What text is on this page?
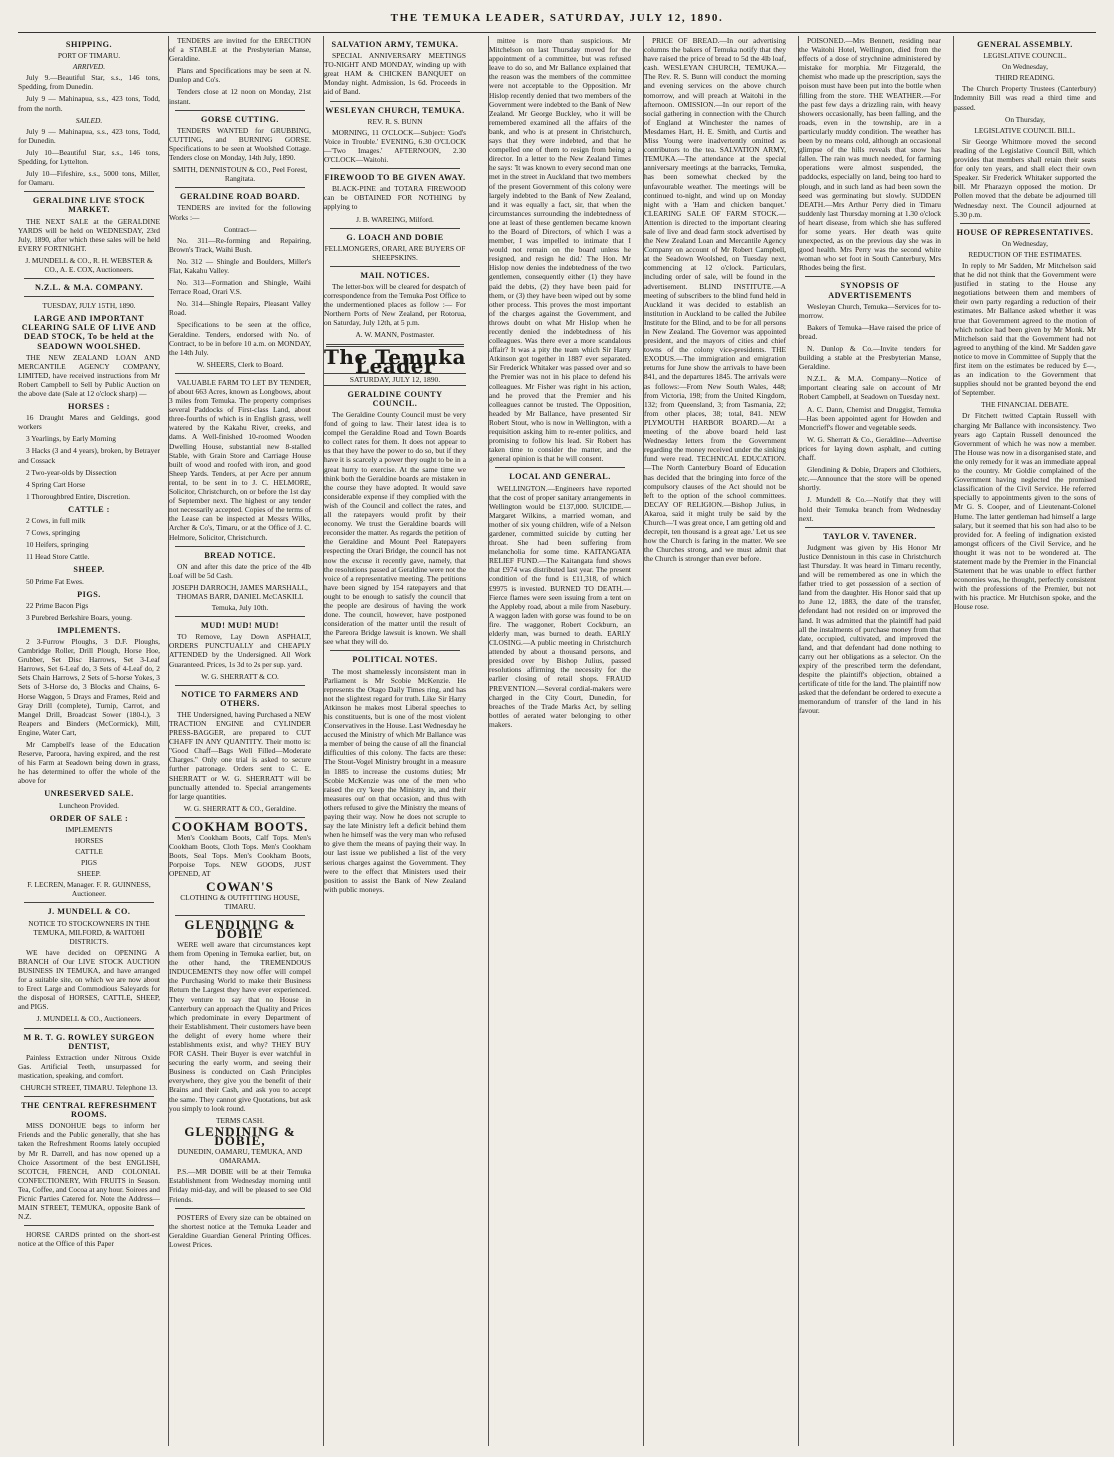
THE TEMUKA LEADER, SATURDAY, JULY 12, 1890.
SHIPPING.
PORT OF TIMARU.
ARRIVED.

July 9.—Beautiful Star, s.s., 146 tons, Spedding, from Dunedin.

July 9 — Mahinapua, s.s., 423 tons, Todd, from the north.

SAILED.

July 9 — Mahinapua, s.s., 423 tons, Todd, for Dunedin.

July 10—Beautiful Star, s.s., 146 tons, Spedding, for Lyttelton.

July 10—Fifeshire, s.s., 5000 tons, Miller, for Oamaru.

GERALDINE LIVE STOCK MARKET.

THE NEXT SALE at the GERALDINE YARDS will be held on WEDNESDAY, 23rd July, 1890, after which these sales will be held EVERY FORTNIGHT.

J. MUNDELL & CO., R. H. WEBSTER & CO., A. E. COX, Auctioneers.
N.Z.L. & M.A. COMPANY.
TUESDAY, JULY 15TH, 1890.
LARGE AND IMPORTANT CLEARING SALE OF LIVE AND DEAD STOCK, To be held at the SEADOWN WOOLSHED.

THE NEW ZEALAND LOAN AND MERCANTILE AGENCY COMPANY, LIMITED, have received instructions from Mr Robert Campbell to Sell by Public Auction on the above date (Sale at 12 o'clock sharp) —

HORSES :

16 Draught Mares and Geldings, good workers

3 Yearlings, by Early Morning

3 Hacks (3 and 4 years), broken, by Betrayer and Cossack

2 Two-year-olds by Dissection

4 Spring Cart Horse

1 Thoroughbred Entire, Discretion.

CATTLE :

2 Cows, in full milk

7 Cows, springing

10 Heifers, springing

11 Head Store Cattle.

SHEEP.

50 Prime Fat Ewes.

PIGS.

22 Prime Bacon Pigs

3 Purebred Berkshire Boars, young.

IMPLEMENTS.

2 3-Furrow Ploughs, 3 D.F. Ploughs, Cambridge Roller, Drill Plough, Horse Hoe, Grubber, Set Disc Harrows, Set 3-Leaf Harrows, Set 6-Leaf do, 3 Sets of 4-Leaf do, 2 Sets Chain Harrows, 2 Sets of 5-horse Yokes, 3 Sets of 3-Horse do, 3 Blocks and Chains, 6-Horse Waggon, 5 Drays and Frames, Reid and Gray Drill (complete), Turnip, Carrot, and Mangel Drill, Broadcast Sower (180-l.), 3 Reapers and Binders (McCormick), Mill, Engine, Water Cart,

Mr Campbell's lease of the Education Reserve, Paroora, having expired, and the rest of his Farm at Seadown being down in grass, he has determined to offer the whole of the above for

UNRESERVED SALE.
Luncheon Provided.
ORDER OF SALE :
IMPLEMENTS
HORSES
CATTLE
PIGS
SHEEP.
F. LECREN, Manager. F. R. GUINNESS, Auctioneer.
J. MUNDELL & CO.
NOTICE TO STOCKOWNERS IN THE TEMUKA, MILFORD, & WAITOHI DISTRICTS.

WE have decided on OPENING A BRANCH of Our LIVE STOCK AUCTION BUSINESS IN TEMUKA, and have arranged for a suitable site, on which we are now about to Erect Large and Commodious Saleyards for the disposal of HORSES, CATTLE, SHEEP, and PIGS.

J. MUNDELL & CO., Auctioneers.
M R. T. G. ROWLEY SURGEON DENTIST,

Painless Extraction under Nitrous Oxide Gas. Artificial Teeth, unsurpassed for mastication, speaking, and comfort.

CHURCH STREET, TIMARU. Telephone 13.
THE CENTRAL REFRESHMENT ROOMS.

MISS DONOHUE begs to inform her Friends and the Public generally, that she has taken the Refreshment Rooms lately occupied by Mr R. Darrell, and has now opened up a Choice Assortment of the best ENGLISH, SCOTCH, FRENCH, AND COLONIAL CONFECTIONERY, With FRUITS in Season. Tea, Coffee, and Cocoa at any hour. Soirees and Picnic Parties Catered for. Note the Address—MAIN STREET, TEMUKA, opposite Bank of N.Z.

HORSE CARDS printed on the short-est notice at the Office of this Paper

TENDERS are invited for the ERECTION of a STABLE at the Presbyterian Manse, Geraldine.

Plans and Specifications may be seen at N. Dunlop and Co's.

Tenders close at 12 noon on Monday, 21st instant.

GORSE CUTTING.

TENDERS WANTED for GRUBBING, CUTTING, and BURNING GORSE. Specifications to be seen at Woolshed Cottage. Tenders close on Monday, 14th July, 1890.

SMITH, DENNISTOUN & CO., Peel Forest, Rangitata.
GERALDINE ROAD BOARD.

TENDERS are invited for the following Works :—

Contract—

No. 311—Re-forming and Repairing, Brown's Track, Waihi Bush.

No. 312 — Shingle and Boulders, Miller's Flat, Kakahu Valley.

No. 313—Formation and Shingle, Waihi Terrace Road, Orari V.S.

No. 314—Shingle Repairs, Pleasant Valley Road.

Specifications to be seen at the office, Geraldine. Tenders, endorsed with No. of Contract, to be in before 10 a.m. on MONDAY, the 14th July.

W. SHEERS, Clerk to Board.

VALUABLE FARM TO LET BY TENDER, of about 663 Acres, known as Longbows, about 3 miles from Temuka. The property comprises several Paddocks of First-class Land, about three-fourths of which is in English grass, well watered by the Kakahu River, creeks, and dams. A Well-finished 10-roomed Wooden Dwelling House, substantial new 8-stalled Stable, with Grain Store and Carriage House built of wood and roofed with iron, and good Sheep Yards. Tenders, at per Acre per annum rental, to be sent in to J. C. HELMORE, Solicitor, Christchurch, on or before the 1st day of September next. The highest or any tender not necessarily accepted. Copies of the terms of the Lease can be inspected at Messrs Wilks, Archer & Co's, Timaru, or at the Office of J. C. Helmore, Solicitor, Christchurch.

BREAD NOTICE.

ON and after this date the price of the 4lb Loaf will be 5d Cash.

JOSEPH DARROCH, JAMES MARSHALL, THOMAS BARR, DANIEL McCASKILL
Temuka, July 10th.
MUD! MUD! MUD!

TO Remove, Lay Down ASPHALT, ORDERS PUNCTUALLY and CHEAPLY ATTENDED by the Undersigned. All Work Guaranteed. Prices, 1s 3d to 2s per sup. yard.

W. G. SHERRATT & CO.
NOTICE TO FARMERS AND OTHERS.

THE Undersigned, having Purchased a NEW TRACTION ENGINE and CYLINDER PRESS-BAGGER, are prepared to CUT CHAFF IN ANY QUANTITY. Their motto is: "Good Chaff—Bags Well Filled—Moderate Charges." Only one trial is asked to secure further patronage. Orders sent to C. E. SHERRATT or W. G. SHERRATT will be punctually attended to. Special arrangements for large quantities.

W. G. SHERRATT & CO., Geraldine.
COOKHAM BOOTS.

Men's Cookham Boots, Calf Tops. Men's Cookham Boots, Cloth Tops. Men's Cookham Boots, Seal Tops. Men's Cookham Boots, Porpoise Tops. NEW GOODS, JUST OPENED, AT

COWAN'S
CLOTHING & OUTFITTING HOUSE, TIMARU.
GLENDINING & DOBIE

WERE well aware that circumstances kept them from Opening in Temuka earlier, but, on the other hand, the TREMENDOUS INDUCEMENTS they now offer will compel the Purchasing World to make their Business Return the Largest they have ever experienced. They venture to say that no House in Canterbury can approach the Quality and Prices which predominate in every Department of their Establishment. Their customers have been the delight of every home where their establishments exist, and why? THEY BUY FOR CASH. Their Buyer is ever watchful in securing the early worm, and seeing their Business is conducted on Cash Principles everywhere, they give you the benefit of their Brains and their Cash, and ask you to accept the same. They cannot give Quotations, but ask you simply to look round.

TERMS CASH.
GLENDINING & DOBIE,
DUNEDIN, OAMARU, TEMUKA, AND OMARAMA.

P.S.—MR DOBIE will be at their Temuka Establishment from Wednesday morning until Friday mid-day, and will be pleased to see Old Friends.

POSTERS of Every size can be obtained on the shortest notice at the Temuka Leader and Geraldine Guardian General Printing Offices. Lowest Prices.

SALVATION ARMY, TEMUKA.

SPECIAL ANNIVERSARY MEETINGS TO-NIGHT AND MONDAY, winding up with great HAM & CHICKEN BANQUET on Monday night. Admission, 1s 6d. Proceeds in aid of Band.

WESLEYAN CHURCH, TEMUKA.
REV. R. S. BUNN

MORNING, 11 O'CLOCK—Subject: 'God's Voice in Trouble.' EVENING, 6.30 O'CLOCK—'Two Images.' AFTERNOON, 2.30 O'CLOCK—Waitohi.

FIREWOOD TO BE GIVEN AWAY.

BLACK-PINE and TOTARA FIREWOOD can be OBTAINED FOR NOTHING by applying to

J. B. WAREING, Milford.
G. LOACH AND DOBIE
FELLMONGERS, ORARI, ARE BUYERS OF SHEEPSKINS.
MAIL NOTICES.

The letter-box will be cleared for despatch of correspondence from the Temuka Post Office to the undermentioned places as follow :— For Northern Ports of New Zealand, per Rotorua, on Saturday, July 12th, at 5 p.m.

A. W. MANN, Postmaster.
The Temuka Leader
SATURDAY, JULY 12, 1890.
GERALDINE COUNTY COUNCIL.

The Geraldine County Council must be very fond of going to law. Their latest idea is to compel the Geraldine Road and Town Boards to collect rates for them. It does not appear to us that they have the power to do so, but if they have it is scarcely a power they ought to be in a great hurry to exercise. At the same time we think both the Geraldine boards are mistaken in the course they have adopted. It would save considerable expense if they complied with the wish of the Council and collect the rates, and all the ratepayers would profit by their economy. We trust the Geraldine boards will reconsider the matter. As regards the petition of the Geraldine and Mount Peel Ratepayers respecting the Orari Bridge, the council has not now the excuse it recently gave, namely, that the resolutions passed at Geraldine were not the voice of a representative meeting. The petitions have been signed by 154 ratepayers and that ought to be enough to satisfy the council that the people are desirous of having the work done. The council, however, have postponed consideration of the matter until the result of the Pareora Bridge lawsuit is known. We shall see what they will do.

POLITICAL NOTES.

The most shamelessly inconsistent man in Parliament is Mr Scobie McKenzie. He represents the Otago Daily Times ring, and has not the slightest regard for truth. Like Sir Harry Atkinson he makes most Liberal speeches to his constituents, but is one of the most violent Conservatives in the House. Last Wednesday he accused the Ministry of which Mr Ballance was a member of being the cause of all the financial difficulties of this colony. The facts are these: The Stout-Vogel Ministry brought in a measure in 1885 to increase the customs duties; Mr Scobie McKenzie was one of the men who raised the cry 'keep the Ministry in, and their measures out' on that occasion, and thus with others refused to give the Ministry the means of paying their way. Now he does not scruple to say the late Ministry left a deficit behind them when he himself was the very man who refused to give them the means of paying their way. In our last issue we published a list of the very serious charges against the Government. They were to the effect that Ministers used their position to assist the Bank of New Zealand with public moneys.

mittee is more than suspicious. Mr Mitchelson on last Thursday moved for the appointment of a committee, but was refused leave to do so, and Mr Ballance explained that the reason was the members of the committee were not acceptable to the Opposition. Mr Hislop recently denied that two members of the Government were indebted to the Bank of New Zealand. Mr George Buckley, who it will be remembered examined all the affairs of the bank, and who is at present in Christchurch, says that they were indebted, and that he compelled one of them to resign from being a director. In a letter to the New Zealand Times he says: 'It was known to every second man one met in the street in Auckland that two members of the present Government of this colony were largely indebted to the Bank of New Zealand, and it was equally a fact, sir, that when the circumstances surrounding the indebtedness of one at least of these gentlemen became known to the Board of Directors, of which I was a member, I was impelled to intimate that I would not remain on the board unless he resigned, and resign he did.' The Hon. Mr Hislop now denies the indebtedness of the two gentlemen, consequently either (1) they have paid the debts, (2) they have been paid for them, or (3) they have been wiped out by some other process. This proves the most important of the charges against the Government, and throws doubt on what Mr Hislop when he recently denied the indebtedness of his colleagues. Was there ever a more scandalous affair? It was a pity the team which Sir Harry Atkinson got together in 1887 ever separated. Sir Frederick Whitaker was passed over and so the Premier was not in his place to defend his colleagues. Mr Fisher was right in his action, and he proved that the Premier and his colleagues cannot be trusted. The Opposition, headed by Mr Ballance, have presented Sir Robert Stout, who is now in Wellington, with a requisition asking him to re-enter politics, and promising to follow his lead. Sir Robert has taken time to consider the matter, and the general opinion is that he will consent.

LOCAL AND GENERAL.

WELLINGTON.—Engineers have reported that the cost of proper sanitary arrangements in Wellington would be £137,000. SUICIDE.—Margaret Wilkins, a married woman, and mother of six young children, wife of a Nelson gardener, committed suicide by cutting her throat. She had been suffering from melancholia for some time. KAITANGATA RELIEF FUND.—The Kaitangata fund shows that £974 was distributed last year. The present condition of the fund is £11,318, of which £9975 is invested. BURNED TO DEATH.—Fierce flames were seen issuing from a tent on the Appleby road, about a mile from Nasebury. A waggon laden with gorse was found to be on fire. The waggoner, Robert Cockburn, an elderly man, was burned to death. EARLY CLOSING.—A public meeting in Christchurch attended by about a thousand persons, and presided over by Bishop Julius, passed resolutions affirming the necessity for the earlier closing of retail shops. FRAUD PREVENTION.—Several cordial-makers were charged in the City Court, Dunedin, for breaches of the Trade Marks Act, by selling bottles of aerated water belonging to other makers.

PRICE OF BREAD.—In our advertising columns the bakers of Temuka notify that they have raised the price of bread to 5d the 4lb loaf, cash. WESLEYAN CHURCH, TEMUKA.—The Rev. R. S. Bunn will conduct the morning and evening services on the above church tomorrow, and will preach at Waitohi in the afternoon. OMISSION.—In our report of the social gathering in connection with the Church of England at Winchester the names of Mesdames Hart, H. E. Smith, and Curtis and Miss Young were inadvertently omitted as contributors to the tea. SALVATION ARMY, TEMUKA.—The attendance at the special anniversary meetings at the barracks, Temuka, has been somewhat checked by the unfavourable weather. The meetings will be continued to-night, and wind up on Monday night with a 'Ham and chicken banquet.' CLEARING SALE OF FARM STOCK.—Attention is directed to the important clearing sale of live and dead farm stock advertised by the New Zealand Loan and Mercantile Agency Company on account of Mr Robert Campbell, at the Seadown Woolshed, on Tuesday next, commencing at 12 o'clock. Particulars, including order of sale, will be found in the advertisement. BLIND INSTITUTE.—A meeting of subscribers to the blind fund held in Auckland it was decided to establish an institution in Auckland to be called the Jubilee Institute for the Blind, and to be for all persons in New Zealand. The Governor was appointed president, and the mayors of cities and chief towns of the colony vice-presidents. THE EXODUS.—The immigration and emigration returns for June show the arrivals to have been 841, and the departures 1845. The arrivals were as follows:—From New South Wales, 448; from Victoria, 198; from the United Kingdom, 132; from Queensland, 3; from Tasmania, 22; from other places, 38; total, 841. NEW PLYMOUTH HARBOR BOARD.—At a meeting of the above board held last Wednesday letters from the Government regarding the money received under the sinking fund were read. TECHNICAL EDUCATION.—The North Canterbury Board of Education has decided that the bringing into force of the compulsory clauses of the Act should not be left to the option of the school committees. DECAY OF RELIGION.—Bishop Julius, in Akaroa, said it might truly be said by the Church—'I was great once, I am getting old and decrepit, ten thousand is a great age.' Let us see how the Church is faring in the matter. We see the Churches strong, and we must admit that the Church is stronger than ever before.

POISONED.—Mrs Bennett, residing near the Waitohi Hotel, Wellington, died from the effects of a dose of strychnine administered by mistake for morphia. Mr Fitzgerald, the chemist who made up the prescription, says the poison must have been put into the bottle when filling from the store. THE WEATHER.—For the past few days a drizzling rain, with heavy showers occasionally, has been falling, and the roads, even in the township, are in a particularly muddy condition. The weather has been by no means cold, although an occasional glimpse of the hills reveals that snow has fallen. The rain was much needed, for farming operations were almost suspended, the paddocks, especially on land, being too hard to plough, and in such land as had been sown the seed was germinating but slowly. SUDDEN DEATH.—Mrs Arthur Perry died in Timaru suddenly last Thursday morning at 1.30 o'clock of heart disease, from which she has suffered for some years. Her death was quite unexpected, as on the previous day she was in good health. Mrs Perry was the second white woman who set foot in South Canterbury, Mrs Rhodes being the first.

SYNOPSIS OF ADVERTISEMENTS

Wesleyan Church, Temuka—Services for to-morrow.

Bakers of Temuka—Have raised the price of bread.

N. Dunlop & Co.—Invite tenders for building a stable at the Presbyterian Manse, Geraldine.

N.Z.L. & M.A. Company—Notice of important clearing sale on account of Mr Robert Campbell, at Seadown on Tuesday next.

A. C. Dann, Chemist and Druggist, Temuka—Has been appointed agent for Howden and Moncrieff's flower and vegetable seeds.

W. G. Sherratt & Co., Geraldine—Advertise prices for laying down asphalt, and cutting chaff.

Glendining & Dobie, Drapers and Clothiers, etc.—Announce that the store will be opened shortly.

J. Mundell & Co.—Notify that they will hold their Temuka branch from Wednesday next.

TAYLOR V. TAVENER.

Judgment was given by His Honor Mr Justice Dennistoun in this case in Christchurch last Thursday. It was heard in Timaru recently, and will be remembered as one in which the father tried to get possession of a section of land from the daughter. His Honor said that up to June 12, 1883, the date of the transfer, defendant had not resided on or improved the land. It was admitted that the plaintiff had paid all the instalments of purchase money from that date, occupied, cultivated, and improved the land, and that defendant had done nothing to carry out her obligations as a selector. On the expiry of the prescribed term the defendant, despite the plaintiff's objection, obtained a certificate of title for the land. The plaintiff now asked that the defendant be ordered to execute a memorandum of transfer of the land in his favour.

GENERAL ASSEMBLY.
LEGISLATIVE COUNCIL.
On Wednesday,
THIRD READING.

The Church Property Trustees (Canterbury) Indemnity Bill was read a third time and passed.

On Thursday,
LEGISLATIVE COUNCIL BILL.

Sir George Whitmore moved the second reading of the Legislative Council Bill, which provides that members shall retain their seats for only ten years, and shall elect their own Speaker. Sir Frederick Whitaker supported the bill. Mr Pharazyn opposed the motion. Dr Pollen moved that the debate be adjourned till Wednesday next. The Council adjourned at 5.30 p.m.

HOUSE OF REPRESENTATIVES.
On Wednesday,
REDUCTION OF THE ESTIMATES.

In reply to Mr Sadden, Mr Mitchelson said that he did not think that the Government were justified in stating to the House any negotiations between them and members of their own party regarding a reduction of their estimates. Mr Ballance asked whether it was true that Government agreed to the motion of which notice had been given by Mr Monk. Mr Mitchelson said that the Government had not agreed to anything of the kind. Mr Sadden gave notice to move in Committee of Supply that the first item on the estimates be reduced by £—, as an indication to the Government that supplies should not be granted beyond the end of September.

THE FINANCIAL DEBATE.

Dr Fitchett twitted Captain Russell with charging Mr Ballance with inconsistency. Two years ago Captain Russell denounced the Government of which he was now a member. The House was now in a disorganised state, and the only remedy for it was an immediate appeal to the country. Mr Goldie complained of the Government having neglected the promised classification of the Civil Service. He referred specially to appointments given to the sons of Mr G. S. Cooper, and of Lieutenant-Colonel Hume. The latter gentleman had himself a large salary, but it seemed that his son had also to be provided for. A feeling of indignation existed amongst officers of the Civil Service, and he thought it was not to be wondered at. The statement made by the Premier in the Financial Statement that he was unable to effect further economies was, he thought, perfectly consistent with the professions of the Premier, but not with his practice. Mr Hutchison spoke, and the House rose.
